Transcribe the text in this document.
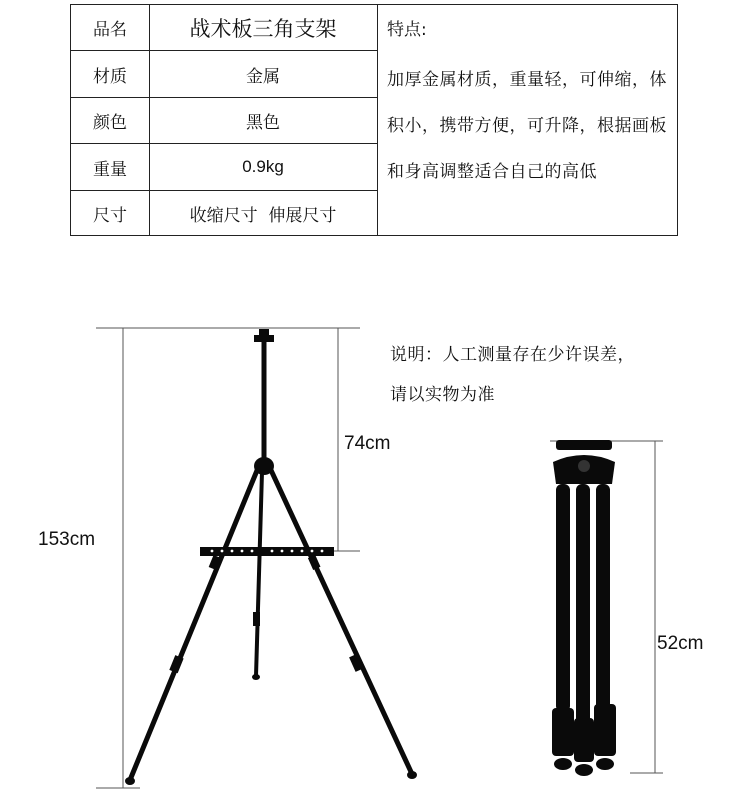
品名	战术板三角支架
材质	金属
颜色	黑色
重量	0.9kg
尺寸	收缩尺寸  伸展尺寸
特点:
加厚金属材质，重量轻，可伸缩，体积小，携带方便，可升降，根据画板和身高调整适合自己的高低
153cm
74cm
52cm
说明：人工测量存在少许误差，
请以实物为准
